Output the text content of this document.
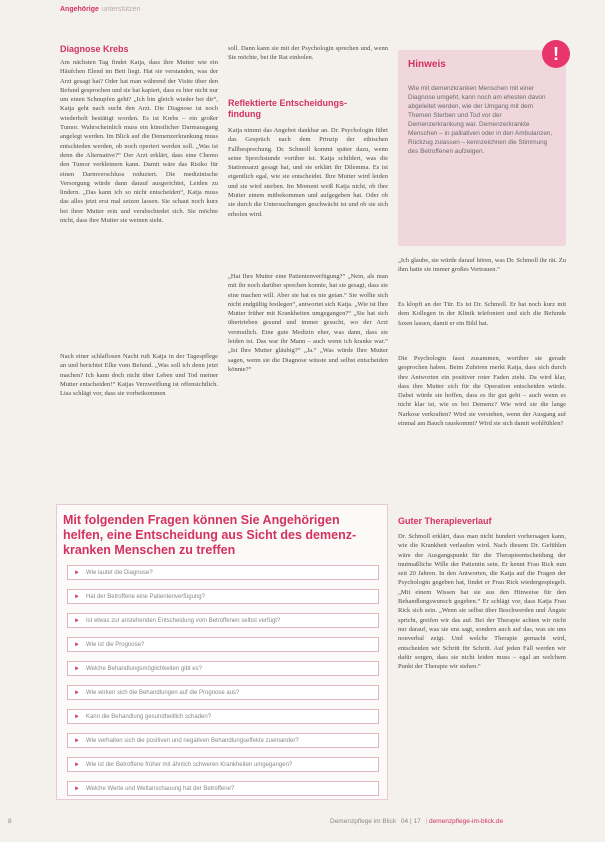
Angehörige unterstützen
Diagnose Krebs
Am nächsten Tag findet Katja, dass ihre Mutter wie ein Häufchen Elend im Bett liegt. Hat sie verstanden, was der Arzt gesagt hat? Oder hat man während der Visite über den Befund gesprochen und sie hat kapiert, dass es hier nicht nur um einen Schnupfen geht? „Ich bin gleich wieder bei dir“, Katja geht nach sucht den Arzt. Die Diagnose ist noch wiederholt bestätigt worden. Es ist Krebs – ein großer Tumor. Wahrscheinlich muss ein künstlicher Darmausgang angelegt werden. Im Blick auf die Demenzerkrankung muss entschieden werden, ob noch operiert werden soll. „Was ist denn die Alternative?“ Der Arzt erklärt, dass eine Chemo den Tumor verkleinern kann. Damit wäre das Risiko für einen Darmverschluss reduziert. Die medizinische Versorgung würde dann darauf ausgerichtet, Leiden zu lindern. „Das kann ich so nicht entscheiden“, Katja muss das alles jetzt erst mal setzen lassen. Sie schaut noch kurz bei ihrer Mutter rein und verabschiedet sich. Sie möchte nicht, dass ihre Mutter sie weinen sieht.
Nach einer schlaflosen Nacht ruft Katja in der Tagespflege an und berichtet Elke vom Befund. „Was soll ich denn jetzt machen? Ich kann doch nicht über Leben und Tod meiner Mutter entscheiden!“ Katjas Verzweiflung ist offensichtlich. Lisa schlägt vor, dass sie vorbeikommen
soll. Dann kann sie mit der Psychologin sprechen und, wenn Sie möchte, bei ihr Rat einholen.
Reflektierte Entscheidungs-
findung
Katja nimmt das Angebot dankbar an. Dr. Psychologin führt das Gespräch nach dem Prinzip der ethischen Fallbesprechung. Dr. Schmoll kommt später dazu, wenn seine Sprechstunde vorüber ist. Katja schildert, was die Stationsarzt gesagt hat, und sie erklärt ihr Dilemma. Es ist eigentlich egal, wie sie entscheidet. Ihre Mutter wird leiden und sie wird sterben. Im Moment weiß Katja nicht, ob ihre Mutter einem mitbekommen und aufgegeben hat. Oder ob sie durch die Untersuchungen geschwächt ist und ob sie sich erholen wird.
„Hat Ihre Mutter eine Patientenverfügung?“ „Nein, als man mit ihr noch darüber sprechen konnte, hat sie gesagt, dass sie eine machen will. Aber sie hat es nie getan.“ Sie wollte sich nicht endgültig festlegen“, antwortet sich Katja. „Wie ist Ihre Mutter früher mit Krankheiten umgegangen?“ „Sie hat sich übertrieben gesund und immer gesucht, wo der Arzt vermutlich. Eine gute Medizin eher, was dann, dass sie leiden ist. Das war ihr Mann – auch wenn ich kranke war.“ „Ist Ihre Mutter gläubig?“ „Ja.“ „Was würde Ihre Mutter sagen, wenn sie die Diagnose wüsste und selbst entscheiden könnte?“
Hinweis
Wie mit demenzkranken Menschen mit einer Diagnose umgeht, kann noch am ehesten davon abgeleitet werden, wie der Umgang mit dem Themen Sterben und Tod vor der Demenzerkrankung war. Demenzerkrankte Menschen – in palliativen oder in den Ambulanzen, Rückzug zulassen – kennzeichnen die Stimmung des Betroffenen aufzeigen.
!
„Ich glaube, sie würde darauf hören, was Dr. Schmoll ihr rät. Zu ihm hatte sie immer großes Vertrauen.“
Es klopft an der Tür. Es ist Dr. Schmoll. Er hat noch kurz mit dem Kollegen in der Klinik telefoniert und sich die Befunde faxen lassen, damit er ein Bild hat.
Die Psychologin fasst zusammen, worüber sie gerade gesprochen haben. Beim Zuhören merkt Katja, dass sich durch ihre Antworten ein positiver roter Faden zieht. Da wird klar, dass ihre Mutter sich für die Operation entscheiden würde. Dabei würde sie hoffen, dass es ihr gut geht – auch wenn es nicht klar ist, wie es bei Demenz? Wie wird sie die lange Narkose verkraften? Wird sie verstehen, wenn der Ausgang auf einmal am Bauch rauskommt? Wird sie sich damit wohlfühlen?
Guter Therapieverlauf
Dr. Schmoll erklärt, dass man nicht hundert vorhersagen kann, wie die Krankheit verlaufen wird. Nach diesem Dr. Gefühlen wäre der Ausgangspunkt für die Therapieentscheidung der mutmaßliche Wille der Patientin sein. Er kennt Frau Rick nun seit 20 Jahren. In den Antworten, die Katja auf die Fragen der Psychologin gegeben hat, findet er Frau Rick wiedergespiegelt. „Mit einem Wissen hat sie aus den Hinweise für den Behandlungswunsch gegeben.“ Er schlägt vor, dass Katja Frau Rick sich sein. „Wenn sie selbst über Beschwerden und Ängste spricht, greifen wir das auf. Bei der Therapie achten wir nicht nur darauf, was sie uns sagt, sondern auch auf das, was sie uns nonverbal zeigt. Und welche Therapie gemacht wird, entscheiden wir Schritt für Schritt. Auf jeden Fall werden wir dafür sorgen, dass sie nicht leiden muss – egal an welchem Punkt der Therapie wir stehen.“
Mit folgenden Fragen können Sie Angehörigen
helfen, eine Entscheidung aus Sicht des demenz-
kranken Menschen zu treffen
► Wie lautet die Diagnose?
► Hat der Betroffene eine Patientenverfügung?
► Ist etwas zur anstehenden Entscheidung vom Betroffenen selbst verfügt?
► Wie ist die Prognose?
► Welche Behandlungsmöglichkeiten gibt es?
► Wie wirken sich die Behandlungen auf die Prognose aus?
► Kann die Behandlung gesundheitlich schaden?
► Wie verhalten sich die positiven und negativen Behandlungseffekte zueinander?
► Wie ist der Betroffene früher mit ähnlich schweren Krankheiten umgegangen?
► Welche Werte und Weltanschauung hat der Betroffene?
8	Demenzpflege im Blick 04 | 17 | demenzpflege-im-blick.de
